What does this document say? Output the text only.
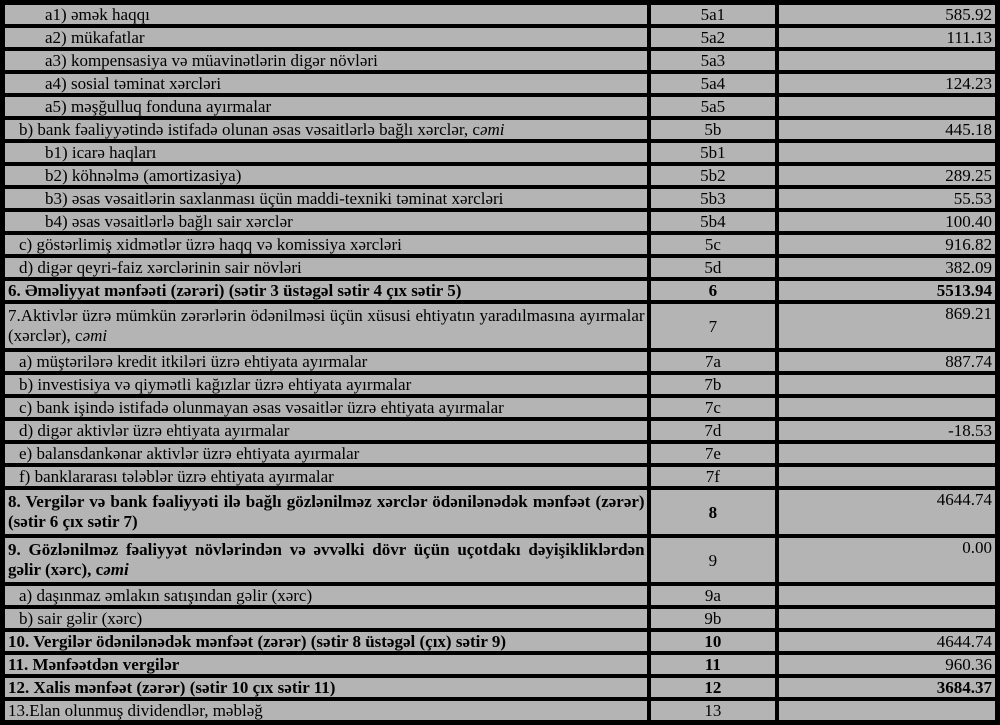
a1) əmək haqqı	5a1	585.92
a2) mükafatlar	5a2	111.13
a3) kompensasiya və müavinətlərin digər növləri	5a3	
a4) sosial təminat xərcləri	5a4	124.23
a5) məşğulluq fonduna ayırmalar	5a5	
b) bank fəaliyyətində istifadə olunan əsas vəsaitlərlə bağlı xərclər, cəmi	5b	445.18
b1) icarə haqları	5b1	
b2) köhnəlmə (amortizasiya)	5b2	289.25
b3) əsas vəsaitlərin saxlanması üçün maddi-texniki təminat xərcləri	5b3	55.53
b4) əsas vəsaitlərlə bağlı sair xərclər	5b4	100.40
c) göstərlimiş xidmətlər üzrə haqq və komissiya xərcləri	5c	916.82
d) digər qeyri-faiz xərclərinin sair növləri	5d	382.09
6. Əməliyyat mənfəəti (zərəri) (sətir 3 üstəgəl sətir 4 çıx sətir 5)	6	5513.94
7.Aktivlər üzrə mümkün zərərlərin ödənilməsi üçün xüsusi ehtiyatın yaradılmasına ayırmalar (xərclər), cəmi	7	869.21
a) müştərilərə kredit itkiləri üzrə ehtiyata ayırmalar	7a	887.74
b) investisiya və qiymətli kağızlar üzrə ehtiyata ayırmalar	7b	
c) bank işində istifadə olunmayan əsas vəsaitlər üzrə ehtiyata ayırmalar	7c	
d) digər aktivlər üzrə ehtiyata ayırmalar	7d	-18.53
e) balansdankənar aktivlər üzrə ehtiyata ayırmalar	7e	
f) banklararası tələblər üzrə ehtiyata ayırmalar	7f	
8. Vergilər və bank fəaliyyəti ilə bağlı gözlənilməz xərclər ödənilənədək mənfəət (zərər) (sətir 6 çıx sətir 7)	8	4644.74
9. Gözlənilməz fəaliyyət növlərindən və əvvəlki dövr üçün uçotdakı dəyişikliklərdən gəlir (xərc), cəmi	9	0.00
a) daşınmaz əmlakın satışından gəlir (xərc)	9a	
b) sair gəlir (xərc)	9b	
10. Vergilər ödənilənədək mənfəət (zərər) (sətir 8 üstəgəl (çıx) sətir 9)	10	4644.74
11. Mənfəətdən vergilər	11	960.36
12. Xalis mənfəət (zərər) (sətir 10 çıx sətir 11)	12	3684.37
13.Elan olunmuş dividendlər, məbləğ	13	
